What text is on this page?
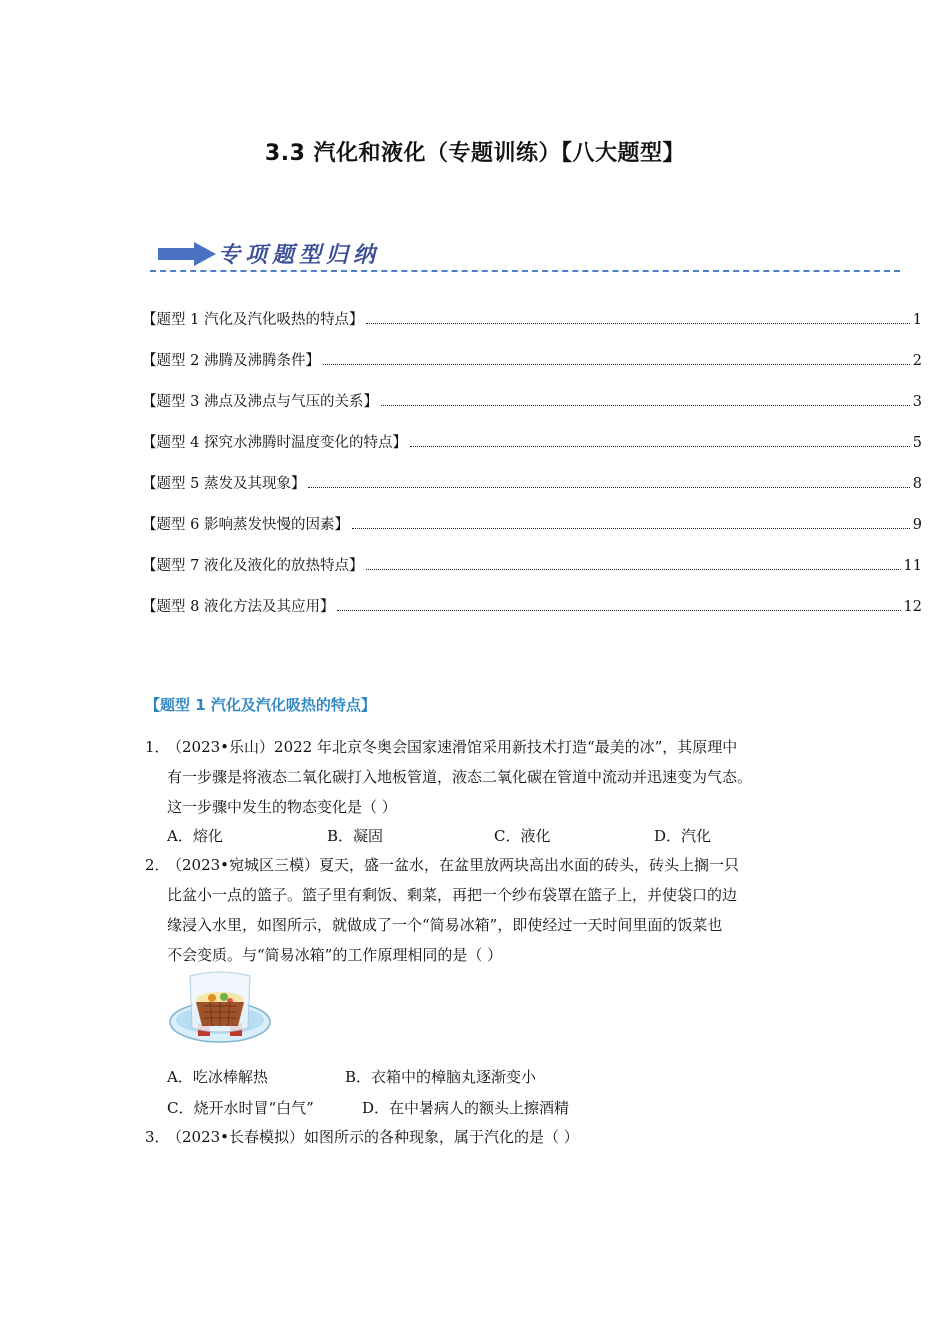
3.3 汽化和液化（专题训练）【八大题型】
专项题型归纳
【题型 1 汽化及汽化吸热的特点】	1
【题型 2 沸腾及沸腾条件】	2
【题型 3 沸点及沸点与气压的关系】	3
【题型 4 探究水沸腾时温度变化的特点】	5
【题型 5 蒸发及其现象】	8
【题型 6 影响蒸发快慢的因素】	9
【题型 7 液化及液化的放热特点】	11
【题型 8 液化方法及其应用】	12
【题型 1 汽化及汽化吸热的特点】
1．（2023•乐山）2022 年北京冬奥会国家速滑馆采用新技术打造“最美的冰”，其原理中
有一步骤是将液态二氧化碳打入地板管道，液态二氧化碳在管道中流动并迅速变为气态。
这一步骤中发生的物态变化是（ ）
A．熔化	B．凝固	C．液化	D．汽化
2．（2023•宛城区三模）夏天，盛一盆水，在盆里放两块高出水面的砖头，砖头上搁一只
比盆小一点的篮子。篮子里有剩饭、剩菜，再把一个纱布袋罩在篮子上，并使袋口的边
缘浸入水里，如图所示，就做成了一个“简易冰箱”，即使经过一天时间里面的饭菜也
不会变质。与“简易冰箱”的工作原理相同的是（ ）
A．吃冰棒解热	B．衣箱中的樟脑丸逐渐变小
C．烧开水时冒“白气”	D．在中暑病人的额头上擦酒精
3．（2023•长春模拟）如图所示的各种现象，属于汽化的是（ ）
